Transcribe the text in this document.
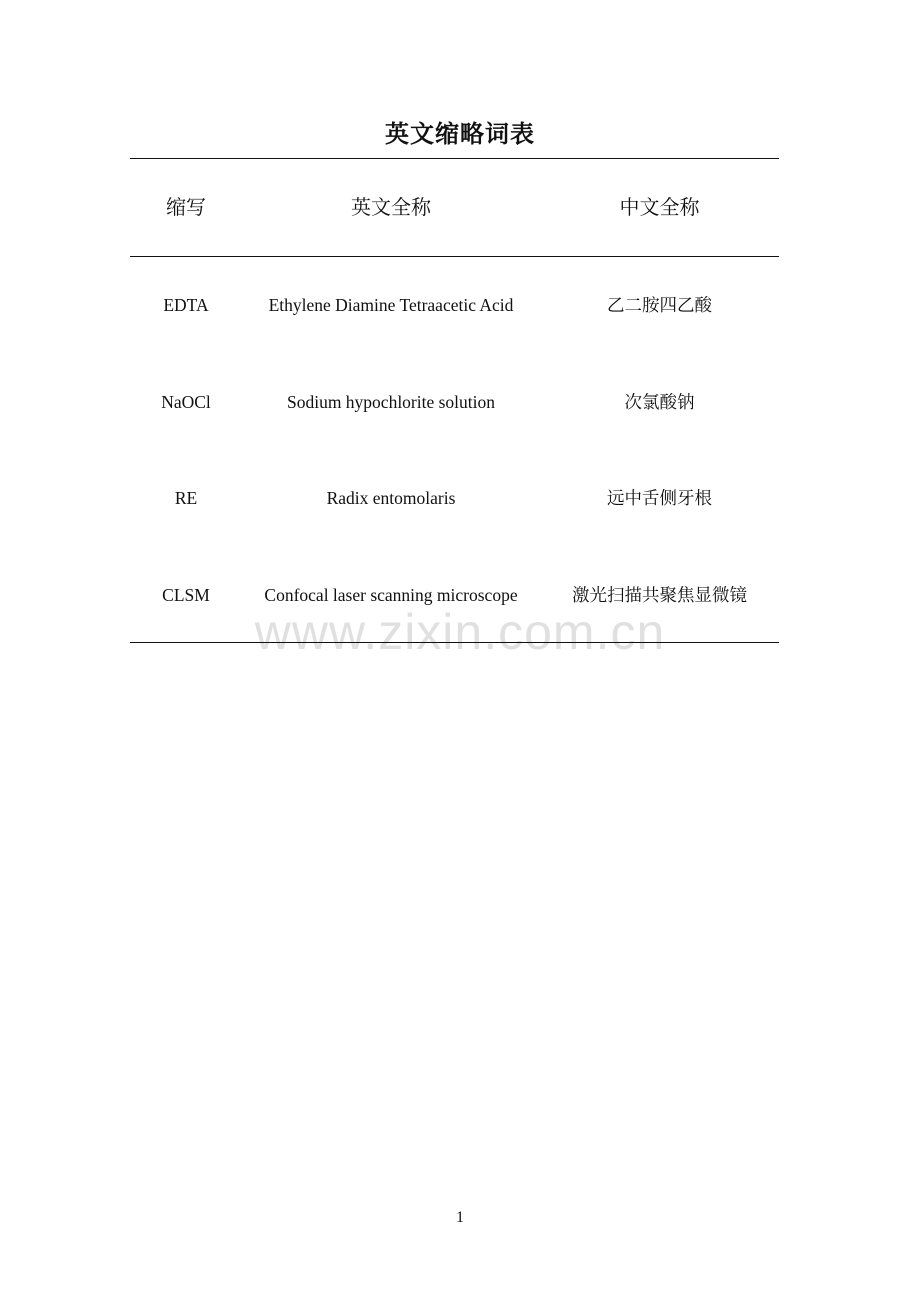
英文缩略词表
缩写	英文全称	中文全称
EDTA	Ethylene Diamine Tetraacetic Acid	乙二胺四乙酸
NaOCl	Sodium hypochlorite solution	次氯酸钠
RE	Radix entomolaris	远中舌侧牙根
CLSM	Confocal laser scanning microscope	激光扫描共聚焦显微镜
www.zixin.com.cn
1
